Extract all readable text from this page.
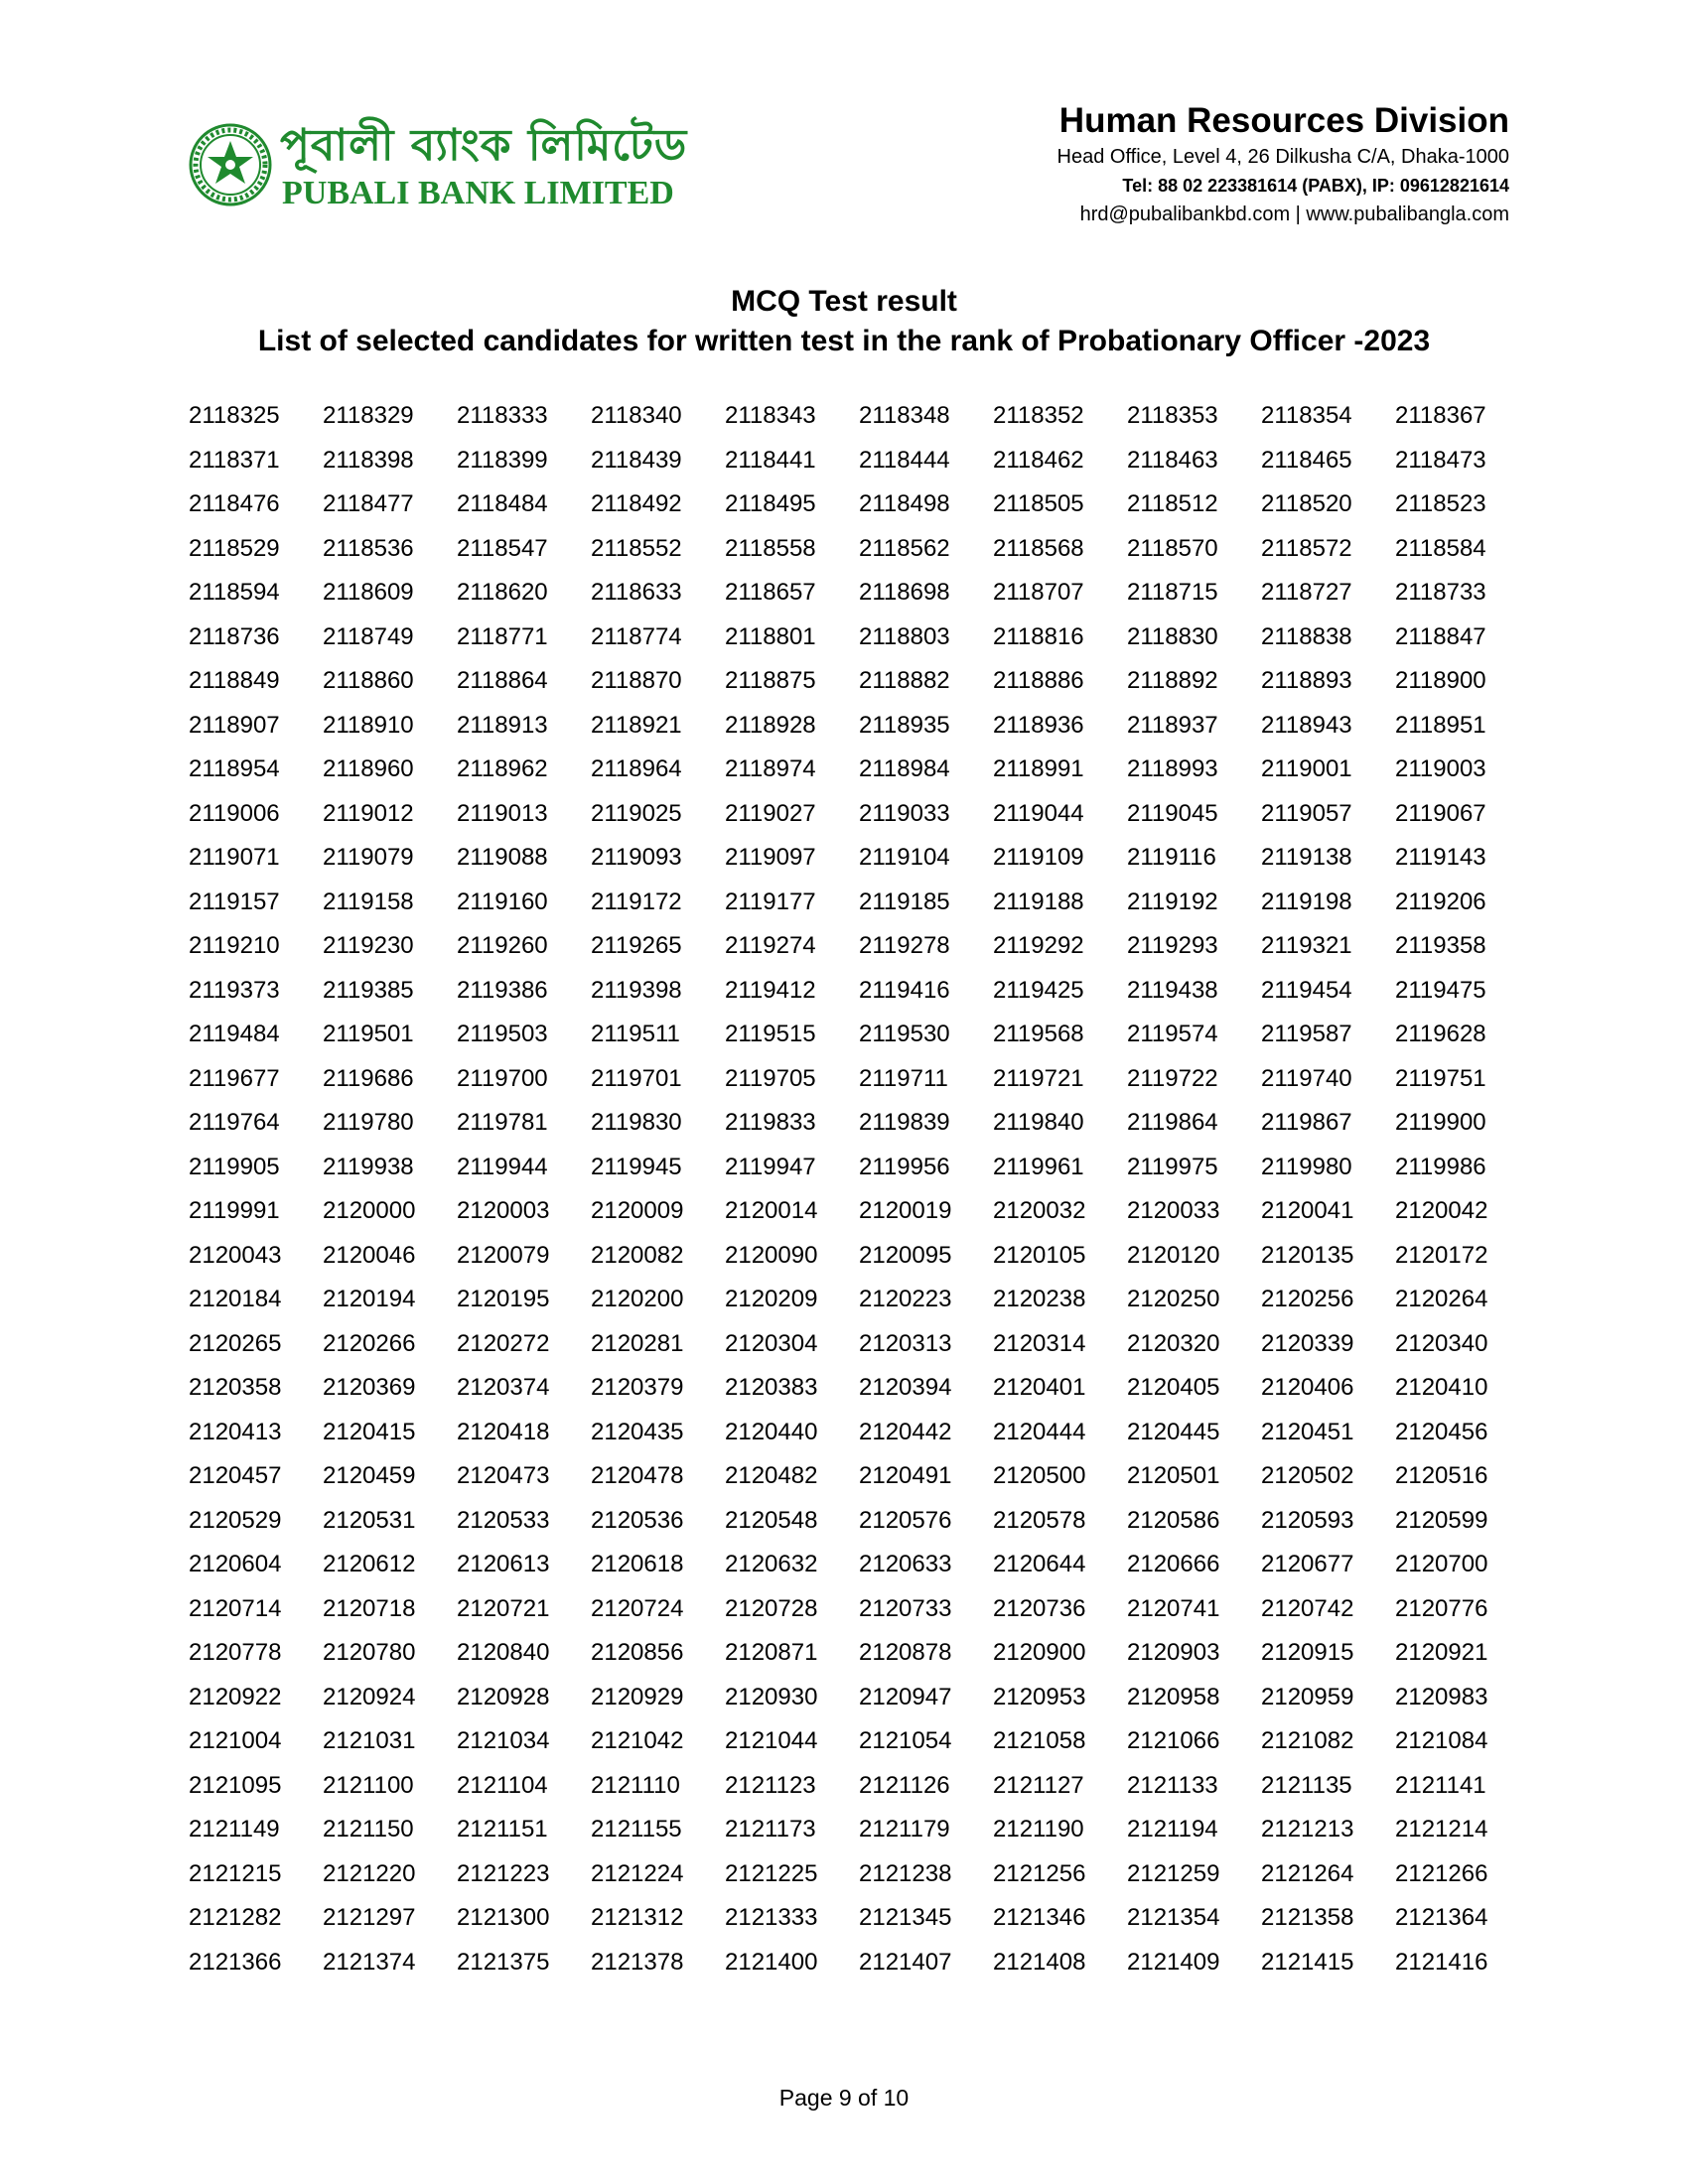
পূবালী ব্যাংক লিমিটেড
PUBALI BANK LIMITED
Human Resources Division
Head Office, Level 4, 26 Dilkusha C/A, Dhaka-1000
Tel: 88 02 223381614 (PABX), IP: 09612821614
hrd@pubalibankbd.com | www.pubalibangla.com
MCQ Test result
List of selected candidates for written test in the rank of Probationary Officer -2023
2118325	2118329	2118333	2118340	2118343	2118348	2118352	2118353	2118354	2118367
2118371	2118398	2118399	2118439	2118441	2118444	2118462	2118463	2118465	2118473
2118476	2118477	2118484	2118492	2118495	2118498	2118505	2118512	2118520	2118523
2118529	2118536	2118547	2118552	2118558	2118562	2118568	2118570	2118572	2118584
2118594	2118609	2118620	2118633	2118657	2118698	2118707	2118715	2118727	2118733
2118736	2118749	2118771	2118774	2118801	2118803	2118816	2118830	2118838	2118847
2118849	2118860	2118864	2118870	2118875	2118882	2118886	2118892	2118893	2118900
2118907	2118910	2118913	2118921	2118928	2118935	2118936	2118937	2118943	2118951
2118954	2118960	2118962	2118964	2118974	2118984	2118991	2118993	2119001	2119003
2119006	2119012	2119013	2119025	2119027	2119033	2119044	2119045	2119057	2119067
2119071	2119079	2119088	2119093	2119097	2119104	2119109	2119116	2119138	2119143
2119157	2119158	2119160	2119172	2119177	2119185	2119188	2119192	2119198	2119206
2119210	2119230	2119260	2119265	2119274	2119278	2119292	2119293	2119321	2119358
2119373	2119385	2119386	2119398	2119412	2119416	2119425	2119438	2119454	2119475
2119484	2119501	2119503	2119511	2119515	2119530	2119568	2119574	2119587	2119628
2119677	2119686	2119700	2119701	2119705	2119711	2119721	2119722	2119740	2119751
2119764	2119780	2119781	2119830	2119833	2119839	2119840	2119864	2119867	2119900
2119905	2119938	2119944	2119945	2119947	2119956	2119961	2119975	2119980	2119986
2119991	2120000	2120003	2120009	2120014	2120019	2120032	2120033	2120041	2120042
2120043	2120046	2120079	2120082	2120090	2120095	2120105	2120120	2120135	2120172
2120184	2120194	2120195	2120200	2120209	2120223	2120238	2120250	2120256	2120264
2120265	2120266	2120272	2120281	2120304	2120313	2120314	2120320	2120339	2120340
2120358	2120369	2120374	2120379	2120383	2120394	2120401	2120405	2120406	2120410
2120413	2120415	2120418	2120435	2120440	2120442	2120444	2120445	2120451	2120456
2120457	2120459	2120473	2120478	2120482	2120491	2120500	2120501	2120502	2120516
2120529	2120531	2120533	2120536	2120548	2120576	2120578	2120586	2120593	2120599
2120604	2120612	2120613	2120618	2120632	2120633	2120644	2120666	2120677	2120700
2120714	2120718	2120721	2120724	2120728	2120733	2120736	2120741	2120742	2120776
2120778	2120780	2120840	2120856	2120871	2120878	2120900	2120903	2120915	2120921
2120922	2120924	2120928	2120929	2120930	2120947	2120953	2120958	2120959	2120983
2121004	2121031	2121034	2121042	2121044	2121054	2121058	2121066	2121082	2121084
2121095	2121100	2121104	2121110	2121123	2121126	2121127	2121133	2121135	2121141
2121149	2121150	2121151	2121155	2121173	2121179	2121190	2121194	2121213	2121214
2121215	2121220	2121223	2121224	2121225	2121238	2121256	2121259	2121264	2121266
2121282	2121297	2121300	2121312	2121333	2121345	2121346	2121354	2121358	2121364
2121366	2121374	2121375	2121378	2121400	2121407	2121408	2121409	2121415	2121416
Page 9 of 10
